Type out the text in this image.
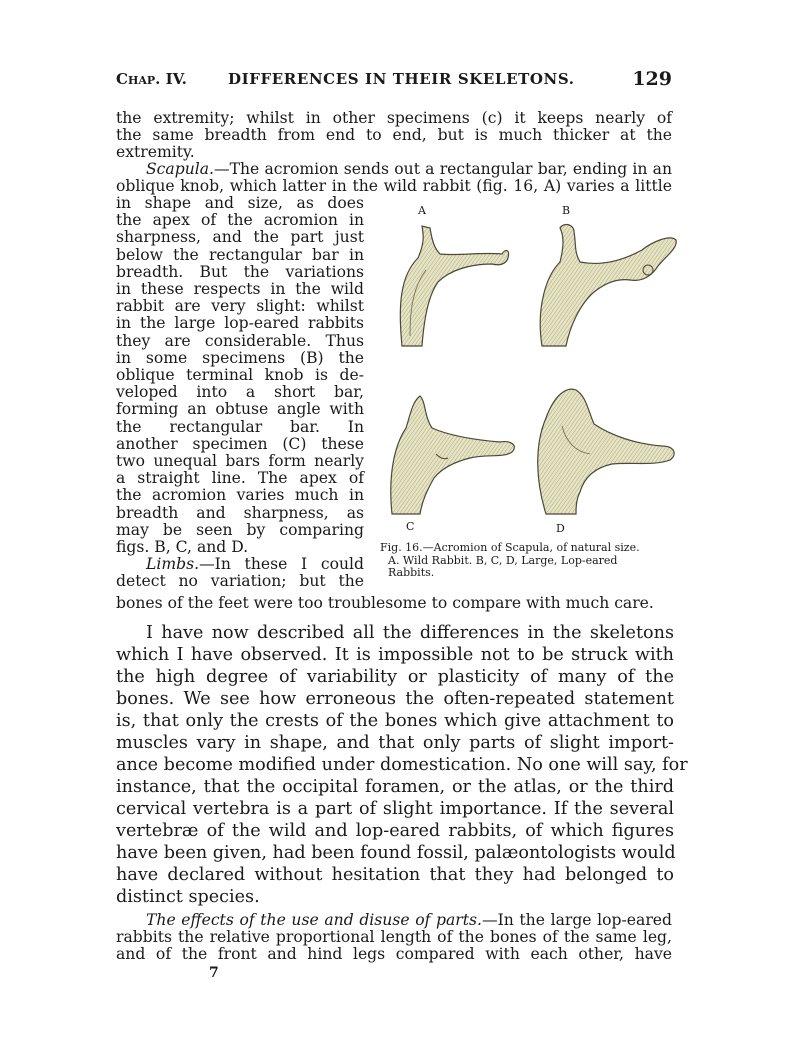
Chap. IV.	DIFFERENCES IN THEIR SKELETONS.	129
the extremity; whilst in other specimens (c) it keeps nearly of
the same breadth from end to end, but is much thicker at the
extremity.
Scapula.—The acromion sends out a rectangular bar, ending in an
oblique knob, which latter in the wild rabbit (fig. 16, A) varies a little
in shape and size, as does
the apex of the acromion in
sharpness, and the part just
below the rectangular bar in
breadth. But the variations
in these respects in the wild
rabbit are very slight: whilst
in the large lop-eared rabbits
they are considerable. Thus
in some specimens (B) the
oblique terminal knob is de-
veloped into a short bar,
forming an obtuse angle with
the rectangular bar. In
another specimen (C) these
two unequal bars form nearly
a straight line. The apex of
the acromion varies much in
breadth and sharpness, as
may be seen by comparing
figs. B, C, and D.
Limbs.—In these I could
detect no variation; but the
bones of the feet were too troublesome to compare with much care.
A	B
C	D
Fig. 16.—Acromion of Scapula, of natural size.
A. Wild Rabbit. B, C, D, Large, Lop-eared
Rabbits.
I have now described all the differences in the skeletons
which I have observed. It is impossible not to be struck with
the high degree of variability or plasticity of many of the
bones. We see how erroneous the often-repeated statement
is, that only the crests of the bones which give attachment to
muscles vary in shape, and that only parts of slight import-
ance become modified under domestication. No one will say, for
instance, that the occipital foramen, or the atlas, or the third
cervical vertebra is a part of slight importance. If the several
vertebræ of the wild and lop-eared rabbits, of which figures
have been given, had been found fossil, palæontologists would
have declared without hesitation that they had belonged to
distinct species.
The effects of the use and disuse of parts.—In the large lop-eared
rabbits the relative proportional length of the bones of the same leg,
and of the front and hind legs compared with each other, have
7
